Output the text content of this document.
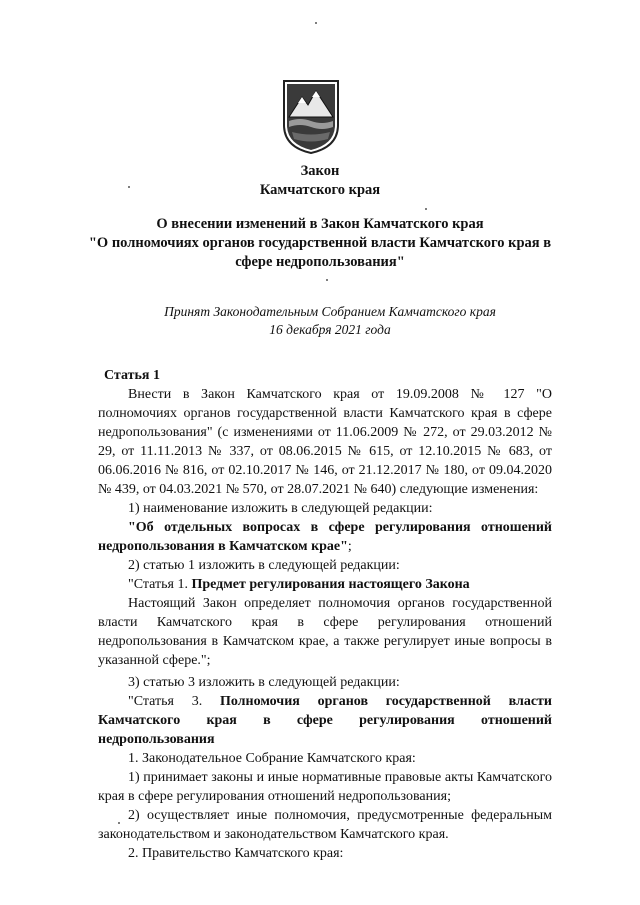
Закон
Камчатского края
О внесении изменений в Закон Камчатского края
"О полномочиях органов государственной власти Камчатского края в
сфере недропользования"
Принят Законодательным Собранием Камчатского края
16 декабря 2021 года

Статья 1

Внести в Закон Камчатского края от 19.09.2008 № 127 "О полномочиях органов государственной власти Камчатского края в сфере недропользования" (с изменениями от 11.06.2009 № 272, от 29.03.2012 № 29, от 11.11.2013 № 337, от 08.06.2015 № 615, от 12.10.2015 № 683, от 06.06.2016 № 816, от 02.10.2017 № 146, от 21.12.2017 № 180, от 09.04.2020 № 439, от 04.03.2021 № 570, от 28.07.2021 № 640) следующие изменения:

1) наименование изложить в следующей редакции:

"Об отдельных вопросах в сфере регулирования отношений недропользования в Камчатском крае";

2) статью 1 изложить в следующей редакции:

"Статья 1. Предмет регулирования настоящего Закона

Настоящий Закон определяет полномочия органов государственной власти Камчатского края в сфере регулирования отношений недропользования в Камчатском крае, а также регулирует иные вопросы в указанной сфере.";

3) статью 3 изложить в следующей редакции:

"Статья 3. Полномочия органов государственной власти Камчатского края в сфере регулирования отношений недропользования

1. Законодательное Собрание Камчатского края:

1) принимает законы и иные нормативные правовые акты Камчатского края в сфере регулирования отношений недропользования;

2) осуществляет иные полномочия, предусмотренные федеральным законодательством и законодательством Камчатского края.

2. Правительство Камчатского края:
